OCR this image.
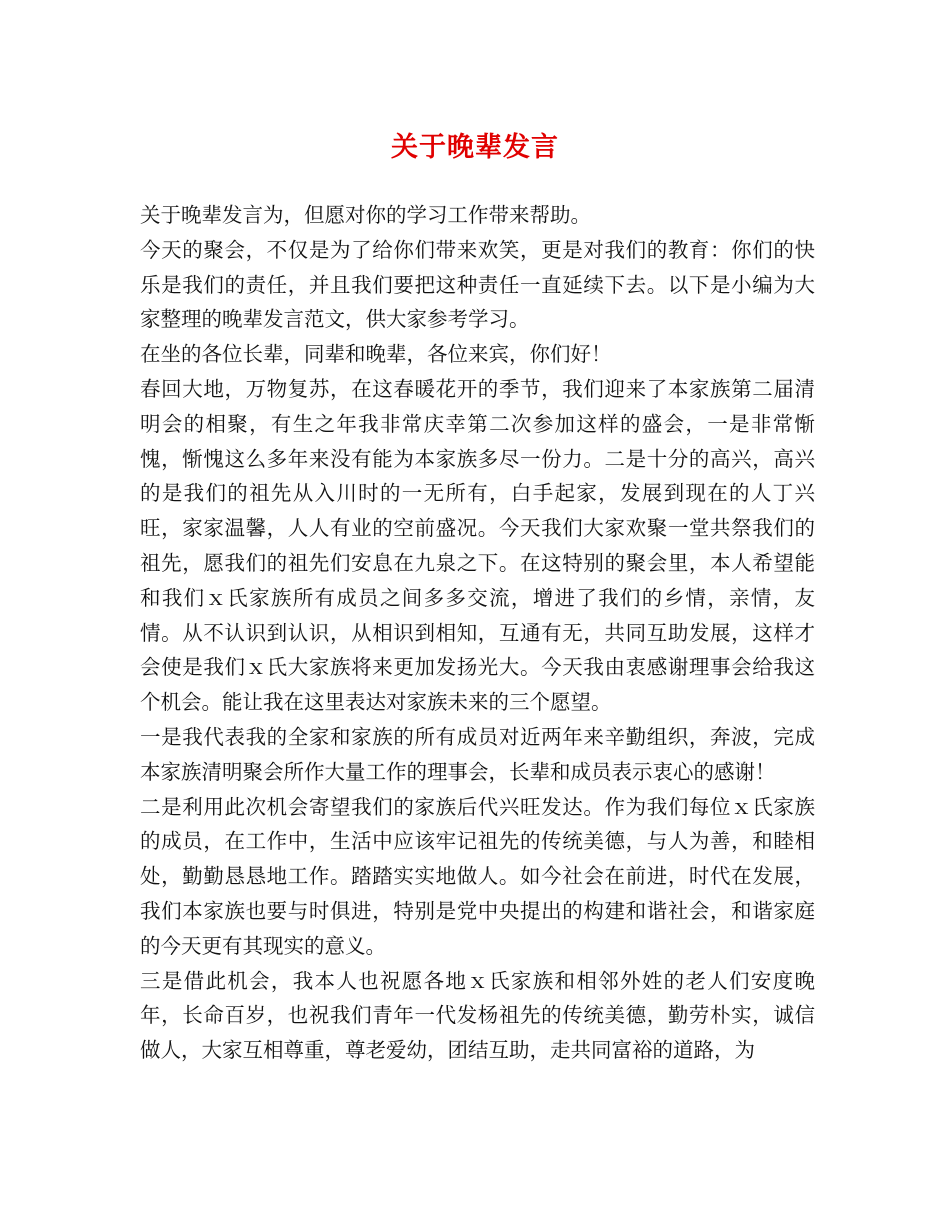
关于晚辈发言

关于晚辈发言为，但愿对你的学习工作带来帮助。

今天的聚会，不仅是为了给你们带来欢笑，更是对我们的教育：你们的快乐是我们的责任，并且我们要把这种责任一直延续下去。以下是小编为大家整理的晚辈发言范文，供大家参考学习。

在坐的各位长辈，同辈和晚辈，各位来宾，你们好！

春回大地，万物复苏，在这春暖花开的季节，我们迎来了本家族第二届清明会的相聚，有生之年我非常庆幸第二次参加这样的盛会，一是非常惭愧，惭愧这么多年来没有能为本家族多尽一份力。二是十分的高兴，高兴的是我们的祖先从入川时的一无所有，白手起家，发展到现在的人丁兴旺，家家温馨，人人有业的空前盛况。今天我们大家欢聚一堂共祭我们的祖先，愿我们的祖先们安息在九泉之下。在这特别的聚会里，本人希望能和我们ｘ氏家族所有成员之间多多交流，增进了我们的乡情，亲情，友情。从不认识到认识，从相识到相知，互通有无，共同互助发展，这样才会使是我们ｘ氏大家族将来更加发扬光大。今天我由衷感谢理事会给我这个机会。能让我在这里表达对家族未来的三个愿望。

一是我代表我的全家和家族的所有成员对近两年来辛勤组织，奔波，完成本家族清明聚会所作大量工作的理事会，长辈和成员表示衷心的感谢！

二是利用此次机会寄望我们的家族后代兴旺发达。作为我们每位ｘ氏家族的成员，在工作中，生活中应该牢记祖先的传统美德，与人为善，和睦相处，勤勤恳恳地工作。踏踏实实地做人。如今社会在前进，时代在发展，我们本家族也要与时俱进，特别是党中央提出的构建和谐社会，和谐家庭的今天更有其现实的意义。

三是借此机会，我本人也祝愿各地ｘ氏家族和相邻外姓的老人们安度晚年，长命百岁，也祝我们青年一代发杨祖先的传统美德，勤劳朴实，诚信做人，大家互相尊重，尊老爱幼，团结互助，走共同富裕的道路，为
